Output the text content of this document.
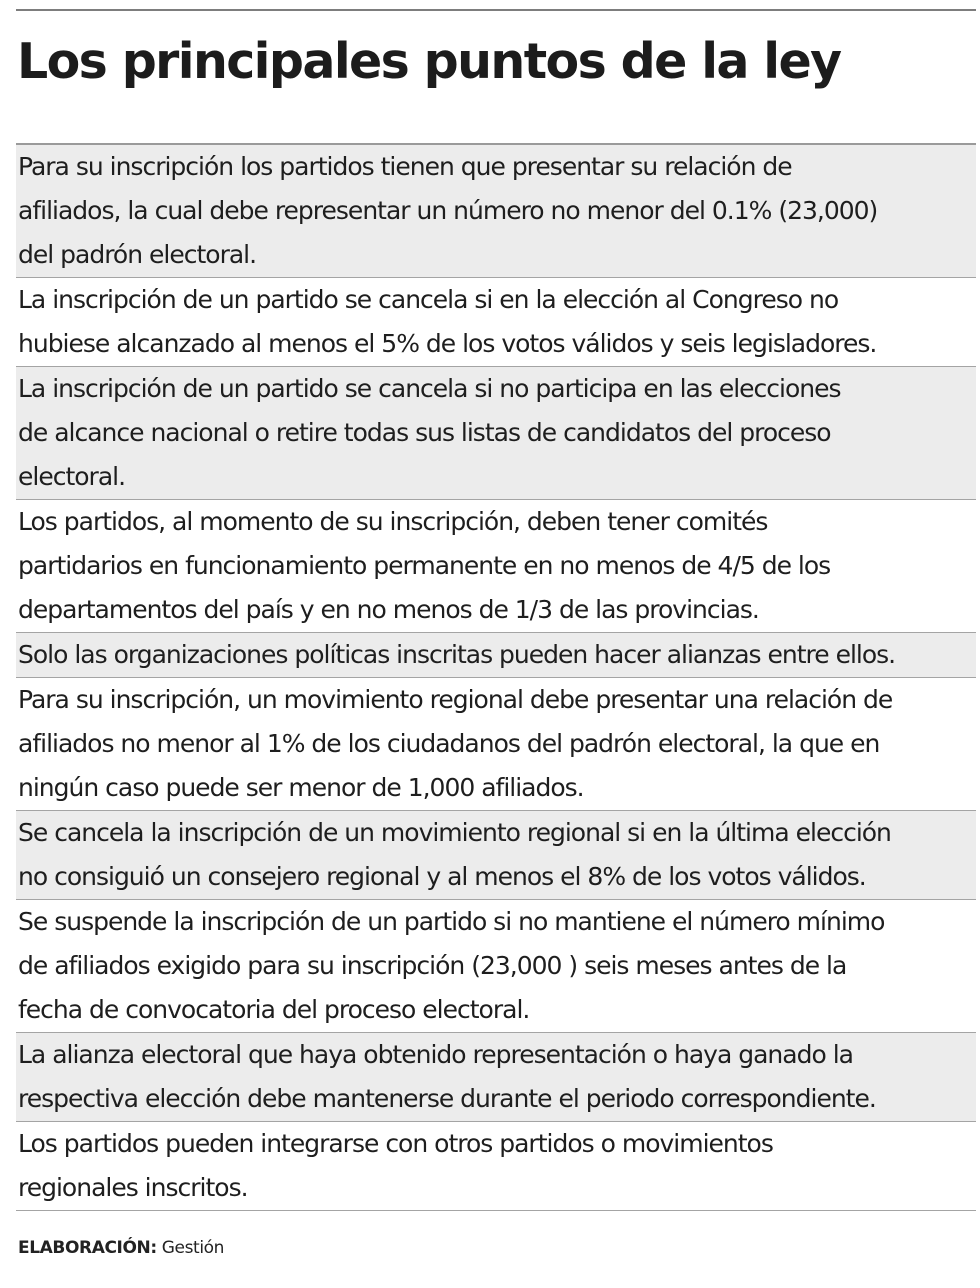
Los principales puntos de la ley
Para su inscripción los partidos tienen que presentar su relación de
afiliados, la cual debe representar un número no menor del 0.1% (23,000)
del padrón electoral.
La inscripción de un partido se cancela si en la elección al Congreso no
hubiese alcanzado al menos el 5% de los votos válidos y seis legisladores.
La inscripción de un partido se cancela si no participa en las elecciones
de alcance nacional o retire todas sus listas de candidatos del proceso
electoral.
Los partidos, al momento de su inscripción, deben tener comités
partidarios en funcionamiento permanente en no menos de 4/5 de los
departamentos del país y en no menos de 1/3 de las provincias.
Solo las organizaciones políticas inscritas pueden hacer alianzas entre ellos.
Para su inscripción, un movimiento regional debe presentar una relación de
afiliados no menor al 1% de los ciudadanos del padrón electoral, la que en
ningún caso puede ser menor de 1,000 afiliados.
Se cancela la inscripción de un movimiento regional si en la última elección
no consiguió un consejero regional y al menos el 8% de los votos válidos.
Se suspende la inscripción de un partido si no mantiene el número mínimo
de afiliados exigido para su inscripción (23,000 ) seis meses antes de la
fecha de convocatoria del proceso electoral.
La alianza electoral que haya obtenido representación o haya ganado la
respectiva elección debe mantenerse durante el periodo correspondiente.
Los partidos pueden integrarse con otros partidos o movimientos
regionales inscritos.
ELABORACIÓN: Gestión
